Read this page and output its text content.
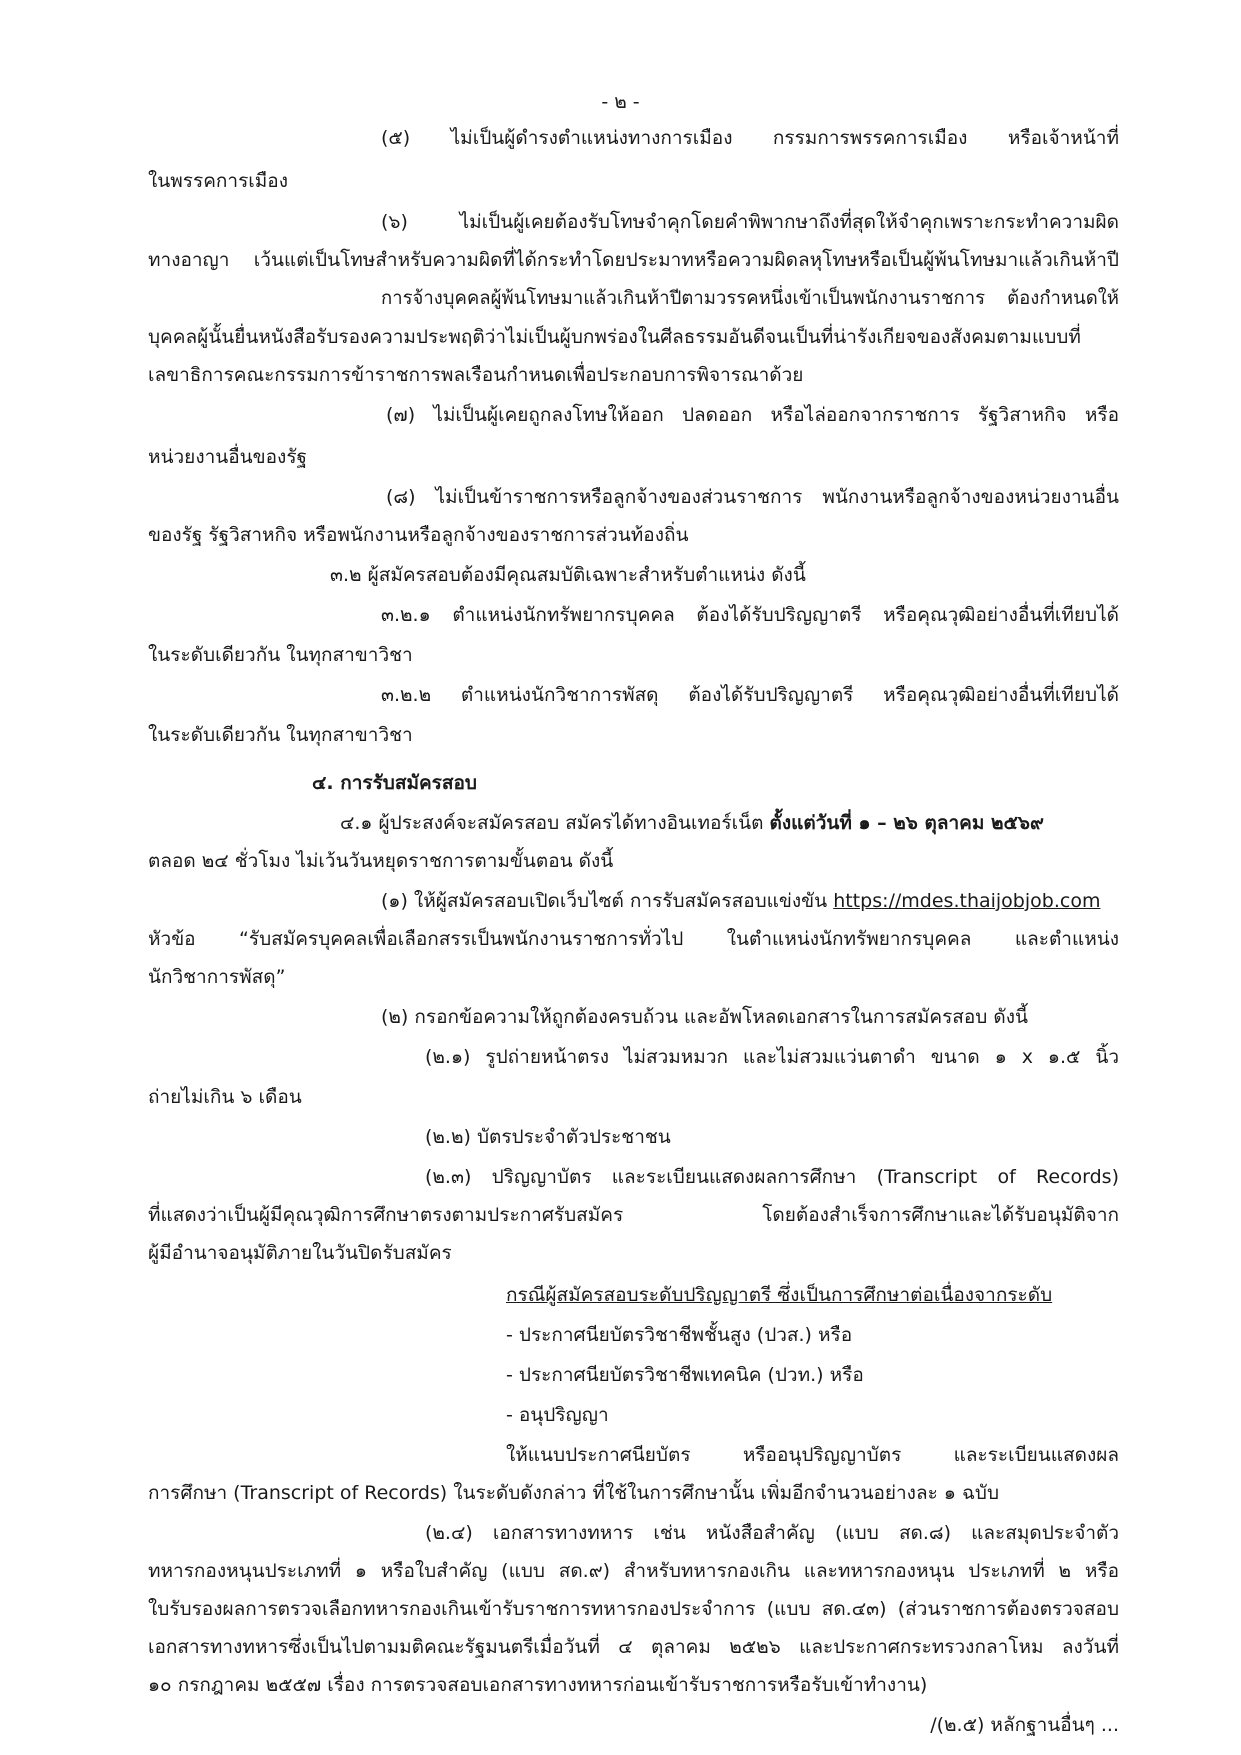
- ๒ -
(๕) ไม่เป็นผู้ดำรงตำแหน่งทางการเมือง กรรมการพรรคการเมือง หรือเจ้าหน้าที่
ในพรรคการเมือง
(๖) ไม่เป็นผู้เคยต้องรับโทษจำคุกโดยคำพิพากษาถึงที่สุดให้จำคุกเพราะกระทำความผิด
ทางอาญา เว้นแต่เป็นโทษสำหรับความผิดที่ได้กระทำโดยประมาทหรือความผิดลหุโทษหรือเป็นผู้พ้นโทษมาแล้วเกินห้าปี
การจ้างบุคคลผู้พ้นโทษมาแล้วเกินห้าปีตามวรรคหนึ่งเข้าเป็นพนักงานราชการ ต้องกำหนดให้
บุคคลผู้นั้นยื่นหนังสือรับรองความประพฤติว่าไม่เป็นผู้บกพร่องในศีลธรรมอันดีจนเป็นที่น่ารังเกียจของสังคมตามแบบที่
เลขาธิการคณะกรรมการข้าราชการพลเรือนกำหนดเพื่อประกอบการพิจารณาด้วย
(๗) ไม่เป็นผู้เคยถูกลงโทษให้ออก ปลดออก หรือไล่ออกจากราชการ รัฐวิสาหกิจ หรือ
หน่วยงานอื่นของรัฐ
(๘) ไม่เป็นข้าราชการหรือลูกจ้างของส่วนราชการ พนักงานหรือลูกจ้างของหน่วยงานอื่น
ของรัฐ รัฐวิสาหกิจ หรือพนักงานหรือลูกจ้างของราชการส่วนท้องถิ่น
๓.๒ ผู้สมัครสอบต้องมีคุณสมบัติเฉพาะสำหรับตำแหน่ง ดังนี้
๓.๒.๑ ตำแหน่งนักทรัพยากรบุคคล ต้องได้รับปริญญาตรี หรือคุณวุฒิอย่างอื่นที่เทียบได้
ในระดับเดียวกัน ในทุกสาขาวิชา
๓.๒.๒ ตำแหน่งนักวิชาการพัสดุ ต้องได้รับปริญญาตรี หรือคุณวุฒิอย่างอื่นที่เทียบได้
ในระดับเดียวกัน ในทุกสาขาวิชา
๔. การรับสมัครสอบ
๔.๑ ผู้ประสงค์จะสมัครสอบ สมัครได้ทางอินเทอร์เน็ต ตั้งแต่วันที่ ๑ – ๒๖ ตุลาคม ๒๕๖๙
ตลอด ๒๔ ชั่วโมง ไม่เว้นวันหยุดราชการตามขั้นตอน ดังนี้
(๑) ให้ผู้สมัครสอบเปิดเว็บไซต์ การรับสมัครสอบแข่งขัน https://mdes.thaijobjob.com
หัวข้อ “รับสมัครบุคคลเพื่อเลือกสรรเป็นพนักงานราชการทั่วไป ในตำแหน่งนักทรัพยากรบุคคล และตำแหน่ง
นักวิชาการพัสดุ”
(๒) กรอกข้อความให้ถูกต้องครบถ้วน และอัพโหลดเอกสารในการสมัครสอบ ดังนี้
(๒.๑) รูปถ่ายหน้าตรง ไม่สวมหมวก และไม่สวมแว่นตาดำ ขนาด ๑ x ๑.๕ นิ้ว
ถ่ายไม่เกิน ๖ เดือน
(๒.๒) บัตรประจำตัวประชาชน
(๒.๓) ปริญญาบัตร และระเบียนแสดงผลการศึกษา (Transcript of Records)
ที่แสดงว่าเป็นผู้มีคุณวุฒิการศึกษาตรงตามประกาศรับสมัคร โดยต้องสำเร็จการศึกษาและได้รับอนุมัติจาก
ผู้มีอำนาจอนุมัติภายในวันปิดรับสมัคร
กรณีผู้สมัครสอบระดับปริญญาตรี ซึ่งเป็นการศึกษาต่อเนื่องจากระดับ
- ประกาศนียบัตรวิชาชีพชั้นสูง (ปวส.) หรือ
- ประกาศนียบัตรวิชาชีพเทคนิค (ปวท.) หรือ
- อนุปริญญา
ให้แนบประกาศนียบัตร หรืออนุปริญญาบัตร และระเบียนแสดงผล
การศึกษา (Transcript of Records) ในระดับดังกล่าว ที่ใช้ในการศึกษานั้น เพิ่มอีกจำนวนอย่างละ ๑ ฉบับ
(๒.๔) เอกสารทางทหาร เช่น หนังสือสำคัญ (แบบ สด.๘) และสมุดประจำตัว
ทหารกองหนุนประเภทที่ ๑ หรือใบสำคัญ (แบบ สด.๙) สำหรับทหารกองเกิน และทหารกองหนุน ประเภทที่ ๒ หรือ
ใบรับรองผลการตรวจเลือกทหารกองเกินเข้ารับราชการทหารกองประจำการ (แบบ สด.๔๓) (ส่วนราชการต้องตรวจสอบ
เอกสารทางทหารซึ่งเป็นไปตามมติคณะรัฐมนตรีเมื่อวันที่ ๔ ตุลาคม ๒๕๒๖ และประกาศกระทรวงกลาโหม ลงวันที่
๑๐ กรกฎาคม ๒๕๕๗ เรื่อง การตรวจสอบเอกสารทางทหารก่อนเข้ารับราชการหรือรับเข้าทำงาน)
/(๒.๕) หลักฐานอื่นๆ ...
